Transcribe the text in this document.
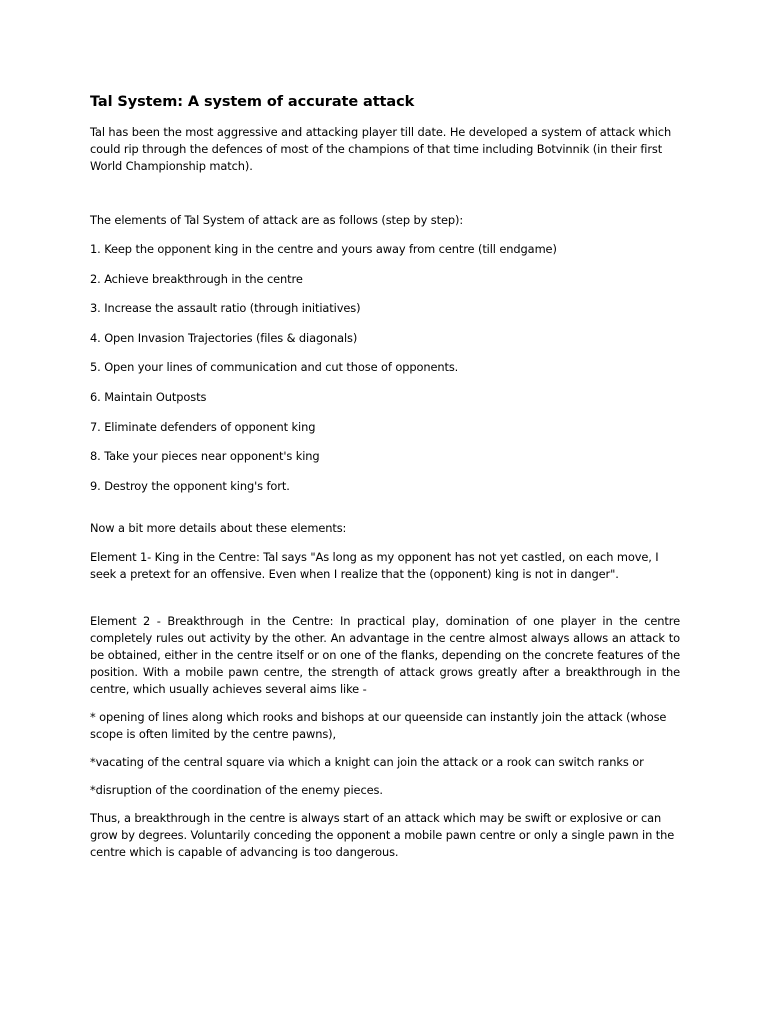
Tal System: A system of accurate attack

Tal has been the most aggressive and attacking player till date. He developed a system of attack which could rip through the defences of most of the champions of that time including Botvinnik (in their first World Championship match).

The elements of Tal System of attack are as follows (step by step):

1. Keep the opponent king in the centre and yours away from centre (till endgame)

2. Achieve breakthrough in the centre

3. Increase the assault ratio (through initiatives)

4. Open Invasion Trajectories (files & diagonals)

5. Open your lines of communication and cut those of opponents.

6. Maintain Outposts

7. Eliminate defenders of opponent king

8. Take your pieces near opponent's king

9. Destroy the opponent king's fort.

Now a bit more details about these elements:

Element 1- King in the Centre: Tal says "As long as my opponent has not yet castled, on each move, I seek a pretext for an offensive. Even when I realize that the (opponent) king is not in danger".

Element 2 - Breakthrough in the Centre: In practical play, domination of one player in the centre completely rules out activity by the other. An advantage in the centre almost always allows an attack to be obtained, either in the centre itself or on one of the flanks, depending on the concrete features of the position. With a mobile pawn centre, the strength of attack grows greatly after a breakthrough in the centre, which usually achieves several aims like -

* opening of lines along which rooks and bishops at our queenside can instantly join the attack (whose scope is often limited by the centre pawns),

*vacating of the central square via which a knight can join the attack or a rook can switch ranks or

*disruption of the coordination of the enemy pieces.

Thus, a breakthrough in the centre is always start of an attack which may be swift or explosive or can grow by degrees. Voluntarily conceding the opponent a mobile pawn centre or only a single pawn in the centre which is capable of advancing is too dangerous.
